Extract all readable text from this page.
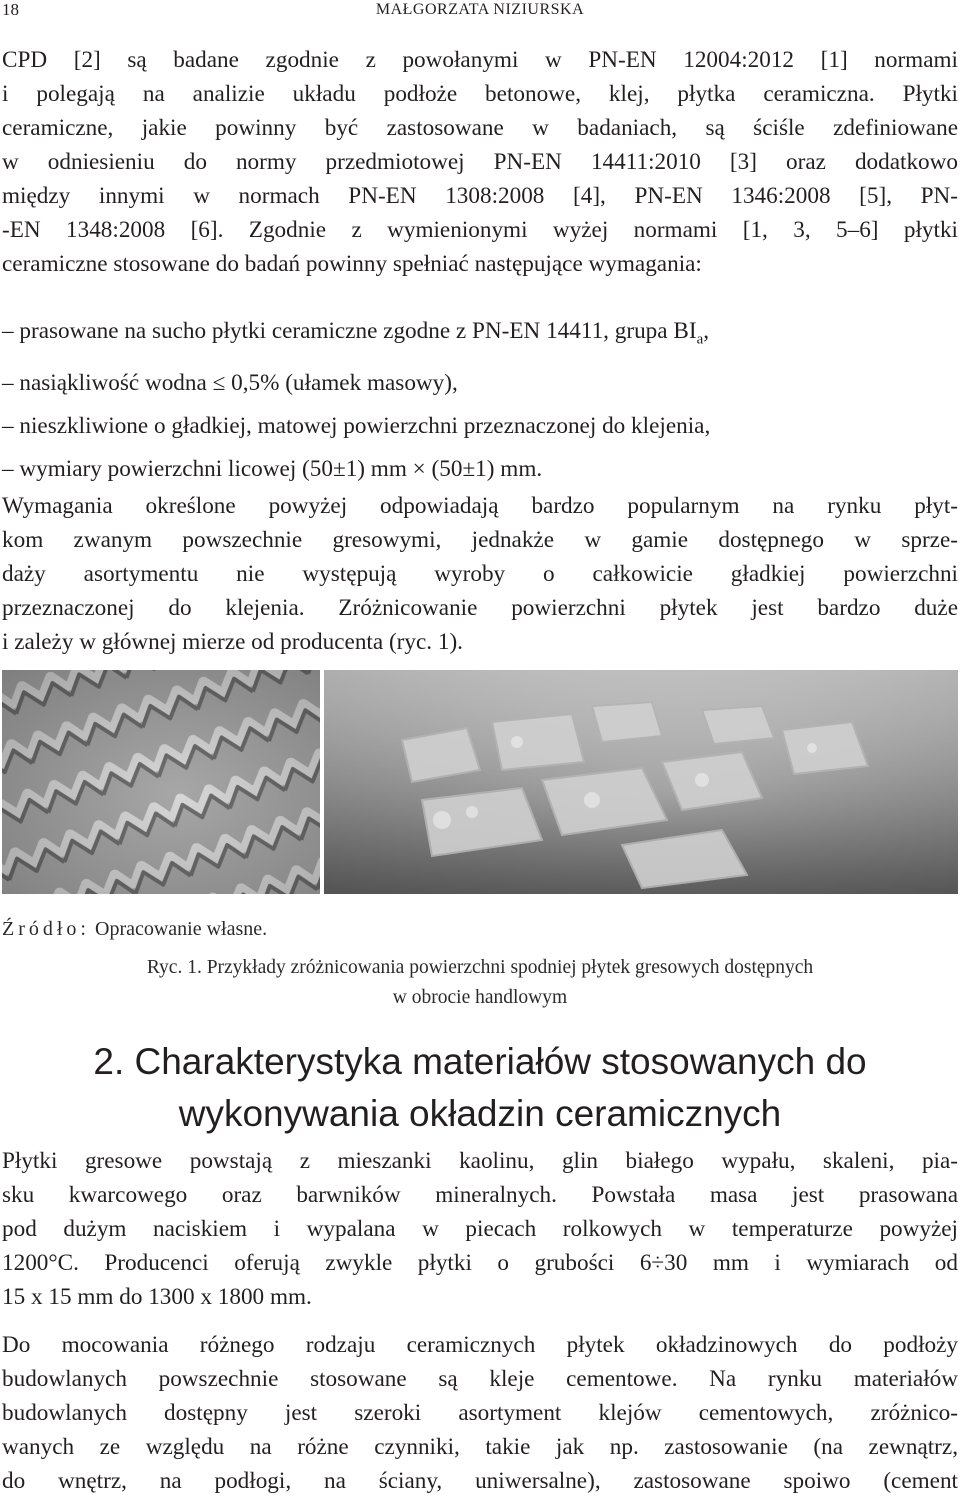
18	MAŁGORZATA NIZIURSKA
CPD [2] są badane zgodnie z powołanymi w PN-EN 12004:2012 [1] normami
i polegają na analizie układu podłoże betonowe, klej, płytka ceramiczna. Płytki
ceramiczne, jakie powinny być zastosowane w badaniach, są ściśle zdefiniowane
w odniesieniu do normy przedmiotowej PN-EN 14411:2010 [3] oraz dodatkowo
między innymi w normach PN-EN 1308:2008 [4], PN-EN 1346:2008 [5], PN-
-EN 1348:2008 [6]. Zgodnie z wymienionymi wyżej normami [1, 3, 5–6] płytki
ceramiczne stosowane do badań powinny spełniać następujące wymagania:
– prasowane na sucho płytki ceramiczne zgodne z PN-EN 14411, grupa $BI_a$,
– nasiąkliwość wodna ≤ 0,5% (ułamek masowy),
– nieszkliwione o gładkiej, matowej powierzchni przeznaczonej do klejenia,
– wymiary powierzchni licowej (50±1) mm × (50±1) mm.
Wymagania określone powyżej odpowiadają bardzo popularnym na rynku płyt-
kom zwanym powszechnie gresowymi, jednakże w gamie dostępnego w sprze-
daży asortymentu nie występują wyroby o całkowicie gładkiej powierzchni
przeznaczonej do klejenia. Zróżnicowanie powierzchni płytek jest bardzo duże
i zależy w głównej mierze od producenta (ryc. 1).
Źródło: Opracowanie własne.
Ryc. 1. Przykłady zróżnicowania powierzchni spodniej płytek gresowych dostępnych
w obrocie handlowym
2. Charakterystyka materiałów stosowanych do
wykonywania okładzin ceramicznych
Płytki gresowe powstają z mieszanki kaolinu, glin białego wypału, skaleni, pia-
sku kwarcowego oraz barwników mineralnych. Powstała masa jest prasowana
pod dużym naciskiem i wypalana w piecach rolkowych w temperaturze powyżej
1200°C. Producenci oferują zwykle płytki o grubości 6÷30 mm i wymiarach od
15 x 15 mm do 1300 x 1800 mm.
Do mocowania różnego rodzaju ceramicznych płytek okładzinowych do podłoży
budowlanych powszechnie stosowane są kleje cementowe. Na rynku materiałów
budowlanych dostępny jest szeroki asortyment klejów cementowych, zróżnico-
wanych ze względu na różne czynniki, takie jak np. zastosowanie (na zewnątrz,
do wnętrz, na podłogi, na ściany, uniwersalne), zastosowane spoiwo (cement
